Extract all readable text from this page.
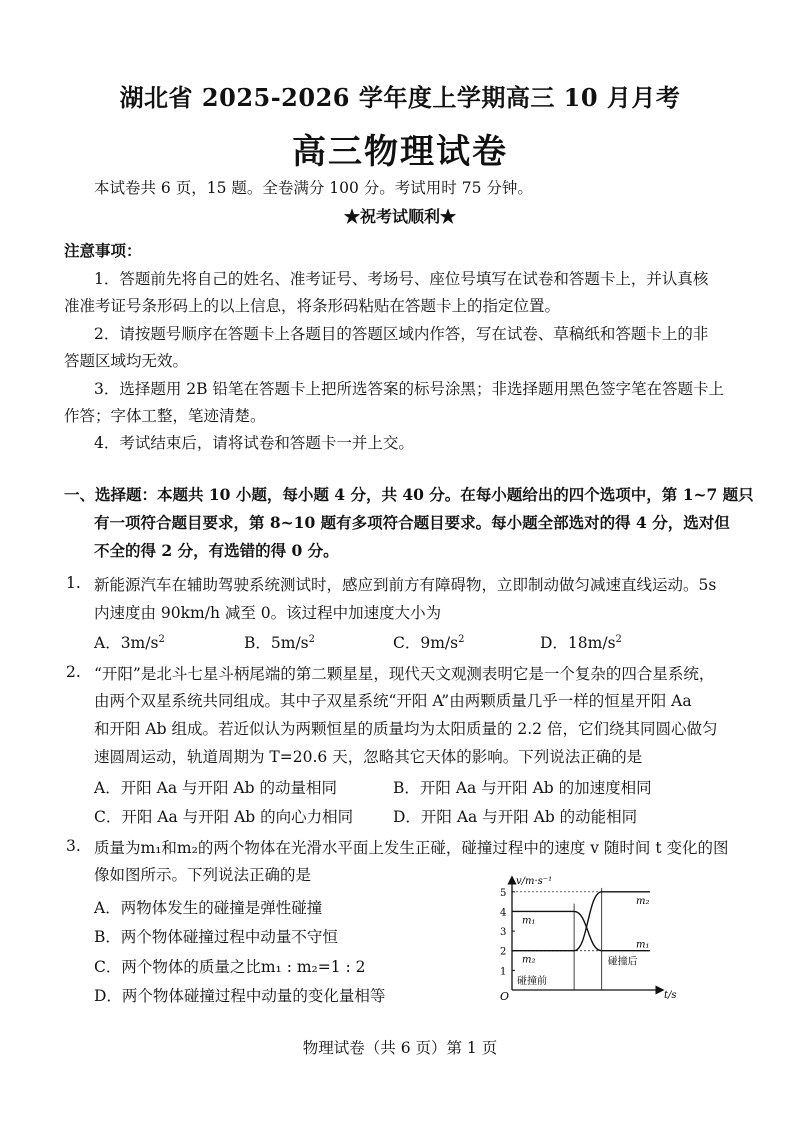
湖北省 2025-2026 学年度上学期高三 10 月月考
高三物理试卷
本试卷共 6 页，15 题。全卷满分 100 分。考试用时 75 分钟。
★祝考试顺利★
注意事项：
1．答题前先将自己的姓名、准考证号、考场号、座位号填写在试卷和答题卡上，并认真核
准准考证号条形码上的以上信息，将条形码粘贴在答题卡上的指定位置。
2．请按题号顺序在答题卡上各题目的答题区域内作答，写在试卷、草稿纸和答题卡上的非
答题区域均无效。
3．选择题用 2B 铅笔在答题卡上把所选答案的标号涂黑；非选择题用黑色签字笔在答题卡上
作答；字体工整，笔迹清楚。
4．考试结束后，请将试卷和答题卡一并上交。
一、选择题：本题共 10 小题，每小题 4 分，共 40 分。在每小题给出的四个选项中，第 1~7 题只
有一项符合题目要求，第 8~10 题有多项符合题目要求。每小题全部选对的得 4 分，选对但
不全的得 2 分，有选错的得 0 分。
1. 新能源汽车在辅助驾驶系统测试时，感应到前方有障碍物，立即制动做匀减速直线运动。5s
内速度由 90km/h 减至 0。该过程中加速度大小为
A．$3m/s^2$	B．$5m/s^2$	C．$9m/s^2$	D．$18m/s^2$
2. “开阳”是北斗七星斗柄尾端的第二颗星星，现代天文观测表明它是一个复杂的四合星系统，
由两个双星系统共同组成。其中子双星系统“开阳 A”由两颗质量几乎一样的恒星开阳 Aa
和开阳 Ab 组成。若近似认为两颗恒星的质量均为太阳质量的 2.2 倍，它们绕其同圆心做匀
速圆周运动，轨道周期为 T=20.6 天，忽略其它天体的影响。下列说法正确的是
A．开阳 Aa 与开阳 Ab 的动量相同	B．开阳 Aa 与开阳 Ab 的加速度相同
C．开阳 Aa 与开阳 Ab 的向心力相同	D．开阳 Aa 与开阳 Ab 的动能相同
3. 质量为m₁和m₂的两个物体在光滑水平面上发生正碰，碰撞过程中的速度 v 随时间 t 变化的图
像如图所示。下列说法正确的是
A．两物体发生的碰撞是弹性碰撞
B．两个物体碰撞过程中动量不守恒
C．两个物体的质量之比m₁ : m₂=1 : 2
D．两个物体碰撞过程中动量的变化量相等
v/m·s⁻¹
t/s
O
1
2
3
4
5
m₁
m₂
m₂
m₁
碰撞前
碰撞后
物理试卷（共 6 页）第 1 页
